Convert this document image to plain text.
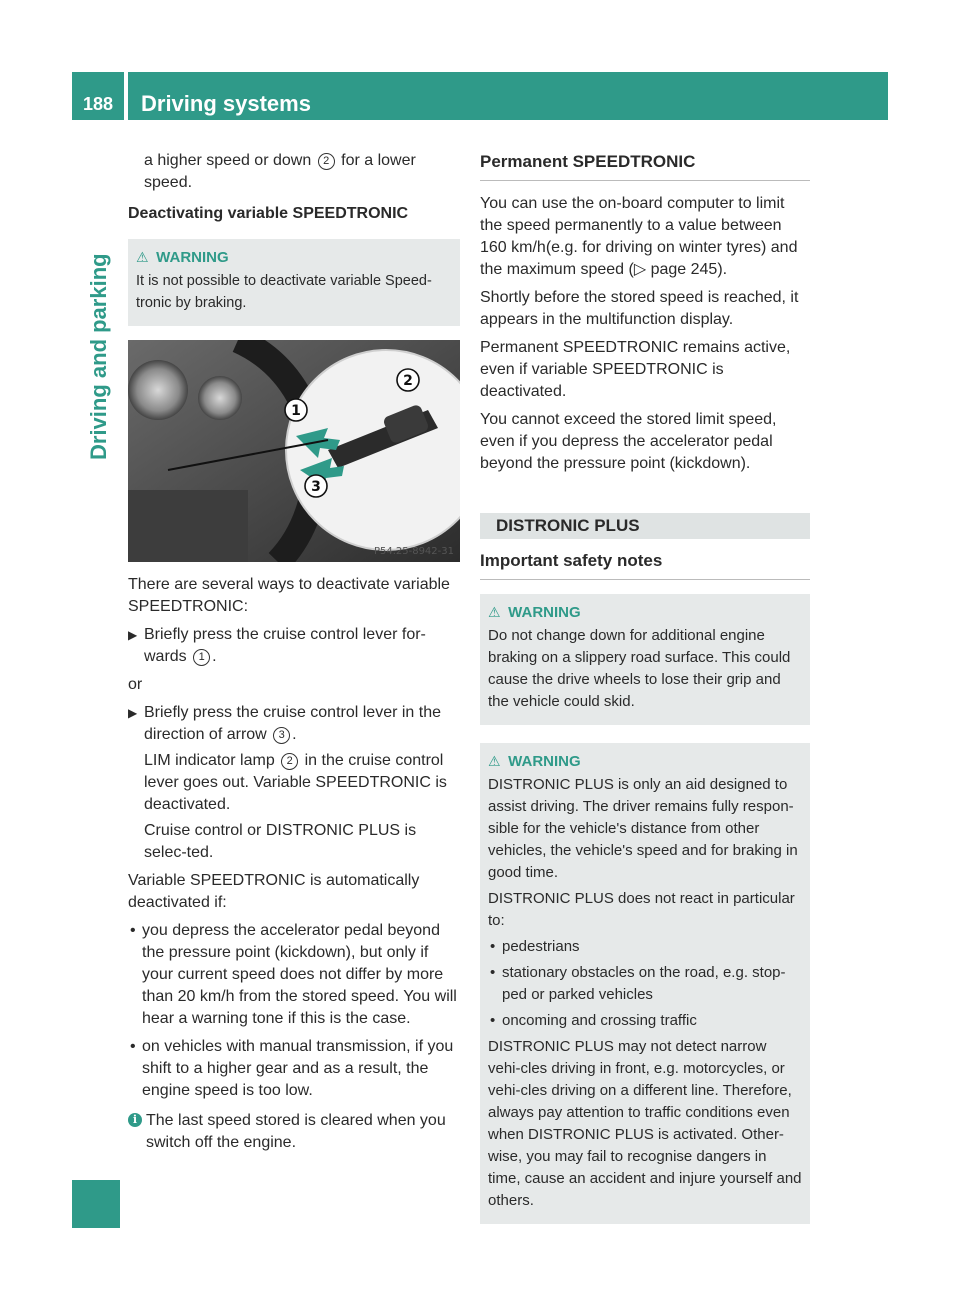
188	Driving systems
Driving and parking

a higher speed or down 2 for a lower
speed.

Deactivating variable SPEEDTRONIC

⚠ WARNING

It is not possible to deactivate variable Speed-tronic by braking.

1
2
3
P54.25-8942-31

There are several ways to deactivate variable SPEEDTRONIC:

▶ Briefly press the cruise control lever for-wards 1 .

or

▶ Briefly press the cruise control lever in the direction of arrow 3 .

LIM indicator lamp 2 in the cruise control lever goes out. Variable SPEEDTRONIC is deactivated.

Cruise control or DISTRONIC PLUS is selec-ted.

Variable SPEEDTRONIC is automatically deactivated if:

• you depress the accelerator pedal beyond the pressure point (kickdown), but only if your current speed does not differ by more than 20 km/h from the stored speed. You will hear a warning tone if this is the case.

• on vehicles with manual transmission, if you shift to a higher gear and as a result, the engine speed is too low.

i The last speed stored is cleared when you switch off the engine.

Permanent SPEEDTRONIC

You can use the on-board computer to limit the speed permanently to a value between 160 km/h(e.g. for driving on winter tyres) and the maximum speed (▷ page 245).

Shortly before the stored speed is reached, it appears in the multifunction display.

Permanent SPEEDTRONIC remains active, even if variable SPEEDTRONIC is deactivated.

You cannot exceed the stored limit speed, even if you depress the accelerator pedal beyond the pressure point (kickdown).

DISTRONIC PLUS
Important safety notes
⚠ WARNING

Do not change down for additional engine braking on a slippery road surface. This could cause the drive wheels to lose their grip and the vehicle could skid.

⚠ WARNING

DISTRONIC PLUS is only an aid designed to assist driving. The driver remains fully respon-sible for the vehicle's distance from other vehicles, the vehicle's speed and for braking in good time.

DISTRONIC PLUS does not react in particular to:

• pedestrians

• stationary obstacles on the road, e.g. stop-ped or parked vehicles

• oncoming and crossing traffic

DISTRONIC PLUS may not detect narrow vehi-cles driving in front, e.g. motorcycles, or vehi-cles driving on a different line. Therefore, always pay attention to traffic conditions even when DISTRONIC PLUS is activated. Other-wise, you may fail to recognise dangers in time, cause an accident and injure yourself and others.
